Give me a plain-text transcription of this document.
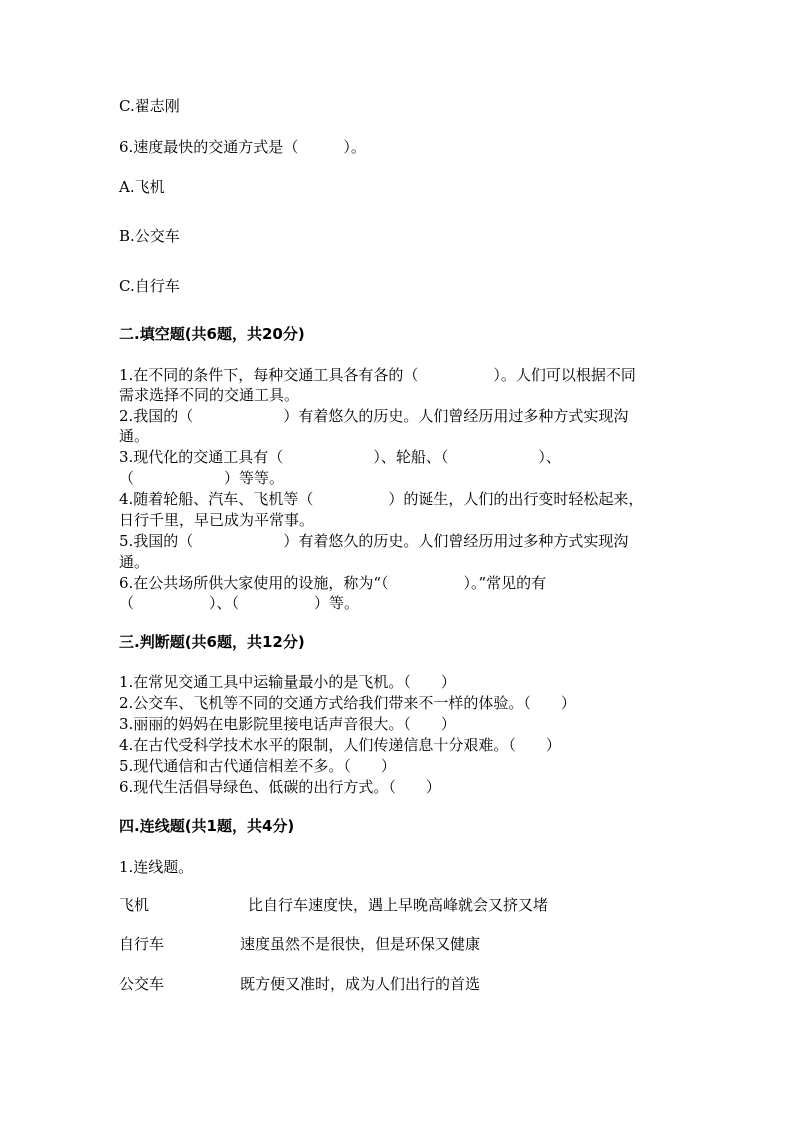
C.翟志刚
6.速度最快的交通方式是（　　　）。
A.飞机
B.公交车
C.自行车
二.填空题(共6题，共20分)
1.在不同的条件下，每种交通工具各有各的（　　　　　）。人们可以根据不同
需求选择不同的交通工具。
2.我国的（　　　　　　）有着悠久的历史。人们曾经历用过多种方式实现沟
通。
3.现代化的交通工具有（　　　　　　）、轮船、（　　　　　　）、
（　　　　　　）等等。
4.随着轮船、汽车、飞机等（　　　　　）的诞生，人们的出行变时轻松起来，
日行千里，早已成为平常事。
5.我国的（　　　　　　）有着悠久的历史。人们曾经历用过多种方式实现沟
通。
6.在公共场所供大家使用的设施，称为“（　　　　　）。”常见的有
（　　　　　）、（　　　　　）等。
三.判断题(共6题，共12分)
1.在常见交通工具中运输量最小的是飞机。（　　）
2.公交车、飞机等不同的交通方式给我们带来不一样的体验。（　　）
3.丽丽的妈妈在电影院里接电话声音很大。（　　）
4.在古代受科学技术水平的限制，人们传递信息十分艰难。（　　）
5.现代通信和古代通信相差不多。（　　）
6.现代生活倡导绿色、低碳的出行方式。（　　）
四.连线题(共1题，共4分)
1.连线题。
飞机	比自行车速度快，遇上早晚高峰就会又挤又堵
自行车	速度虽然不是很快，但是环保又健康
公交车	既方便又准时，成为人们出行的首选
